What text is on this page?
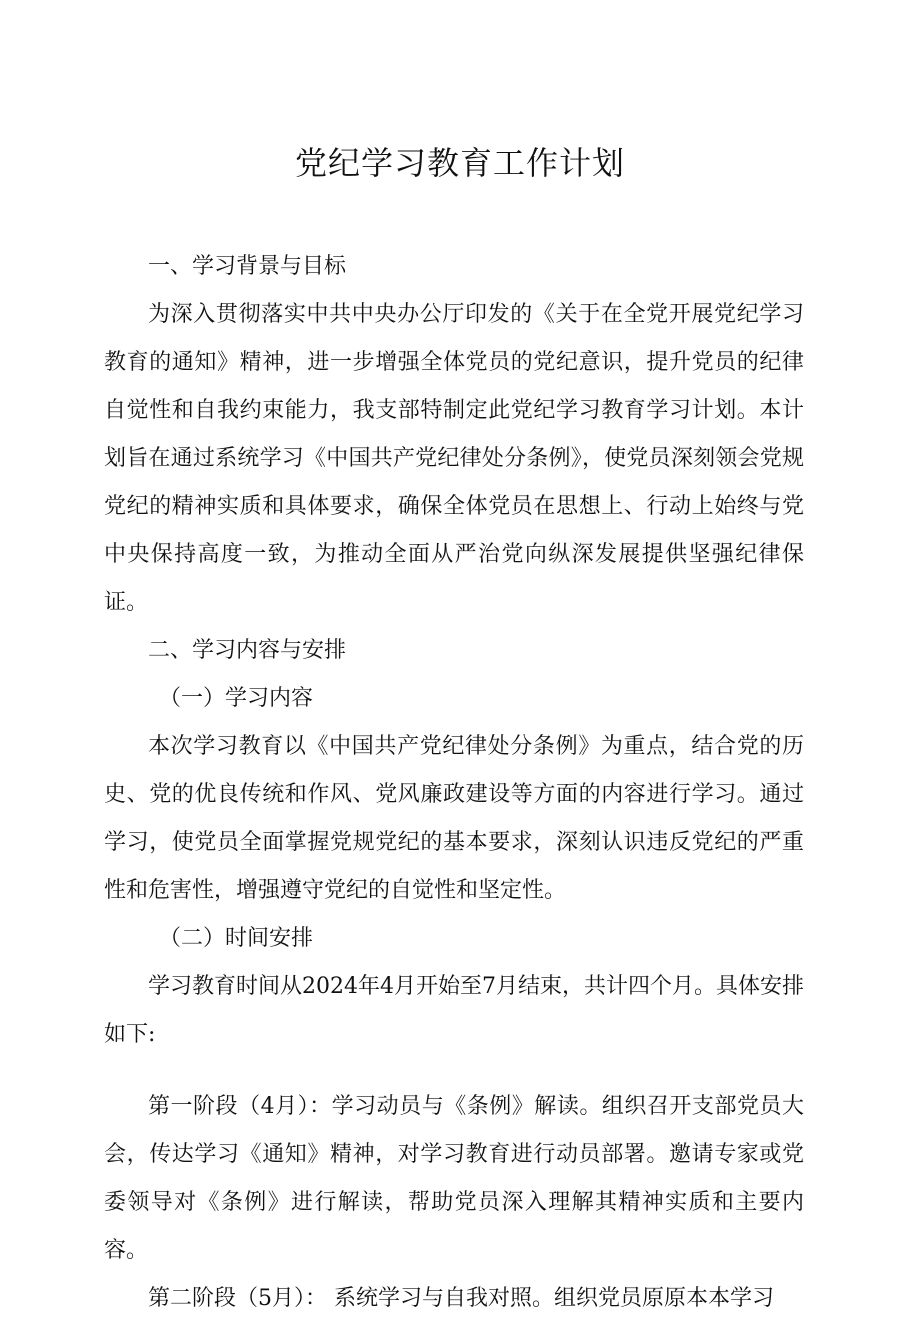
党纪学习教育工作计划

一、学习背景与目标

为深入贯彻落实中共中央办公厅印发的《关于在全党开展党纪学习教育的通知》精神，进一步增强全体党员的党纪意识，提升党员的纪律自觉性和自我约束能力，我支部特制定此党纪学习教育学习计划。本计划旨在通过系统学习《中国共产党纪律处分条例》，使党员深刻领会党规党纪的精神实质和具体要求，确保全体党员在思想上、行动上始终与党中央保持高度一致，为推动全面从严治党向纵深发展提供坚强纪律保证。

二、学习内容与安排

（一）学习内容

本次学习教育以《中国共产党纪律处分条例》为重点，结合党的历史、党的优良传统和作风、党风廉政建设等方面的内容进行学习。通过学习，使党员全面掌握党规党纪的基本要求，深刻认识违反党纪的严重性和危害性，增强遵守党纪的自觉性和坚定性。

（二）时间安排

学习教育时间从2024年4月开始至7月结束，共计四个月。具体安排如下:

第一阶段（4月）：学习动员与《条例》解读。组织召开支部党员大会，传达学习《通知》精神，对学习教育进行动员部署。邀请专家或党委领导对《条例》进行解读，帮助党员深入理解其精神实质和主要内容。

第二阶段（5月）： 系统学习与自我对照。组织党员原原本本学习
